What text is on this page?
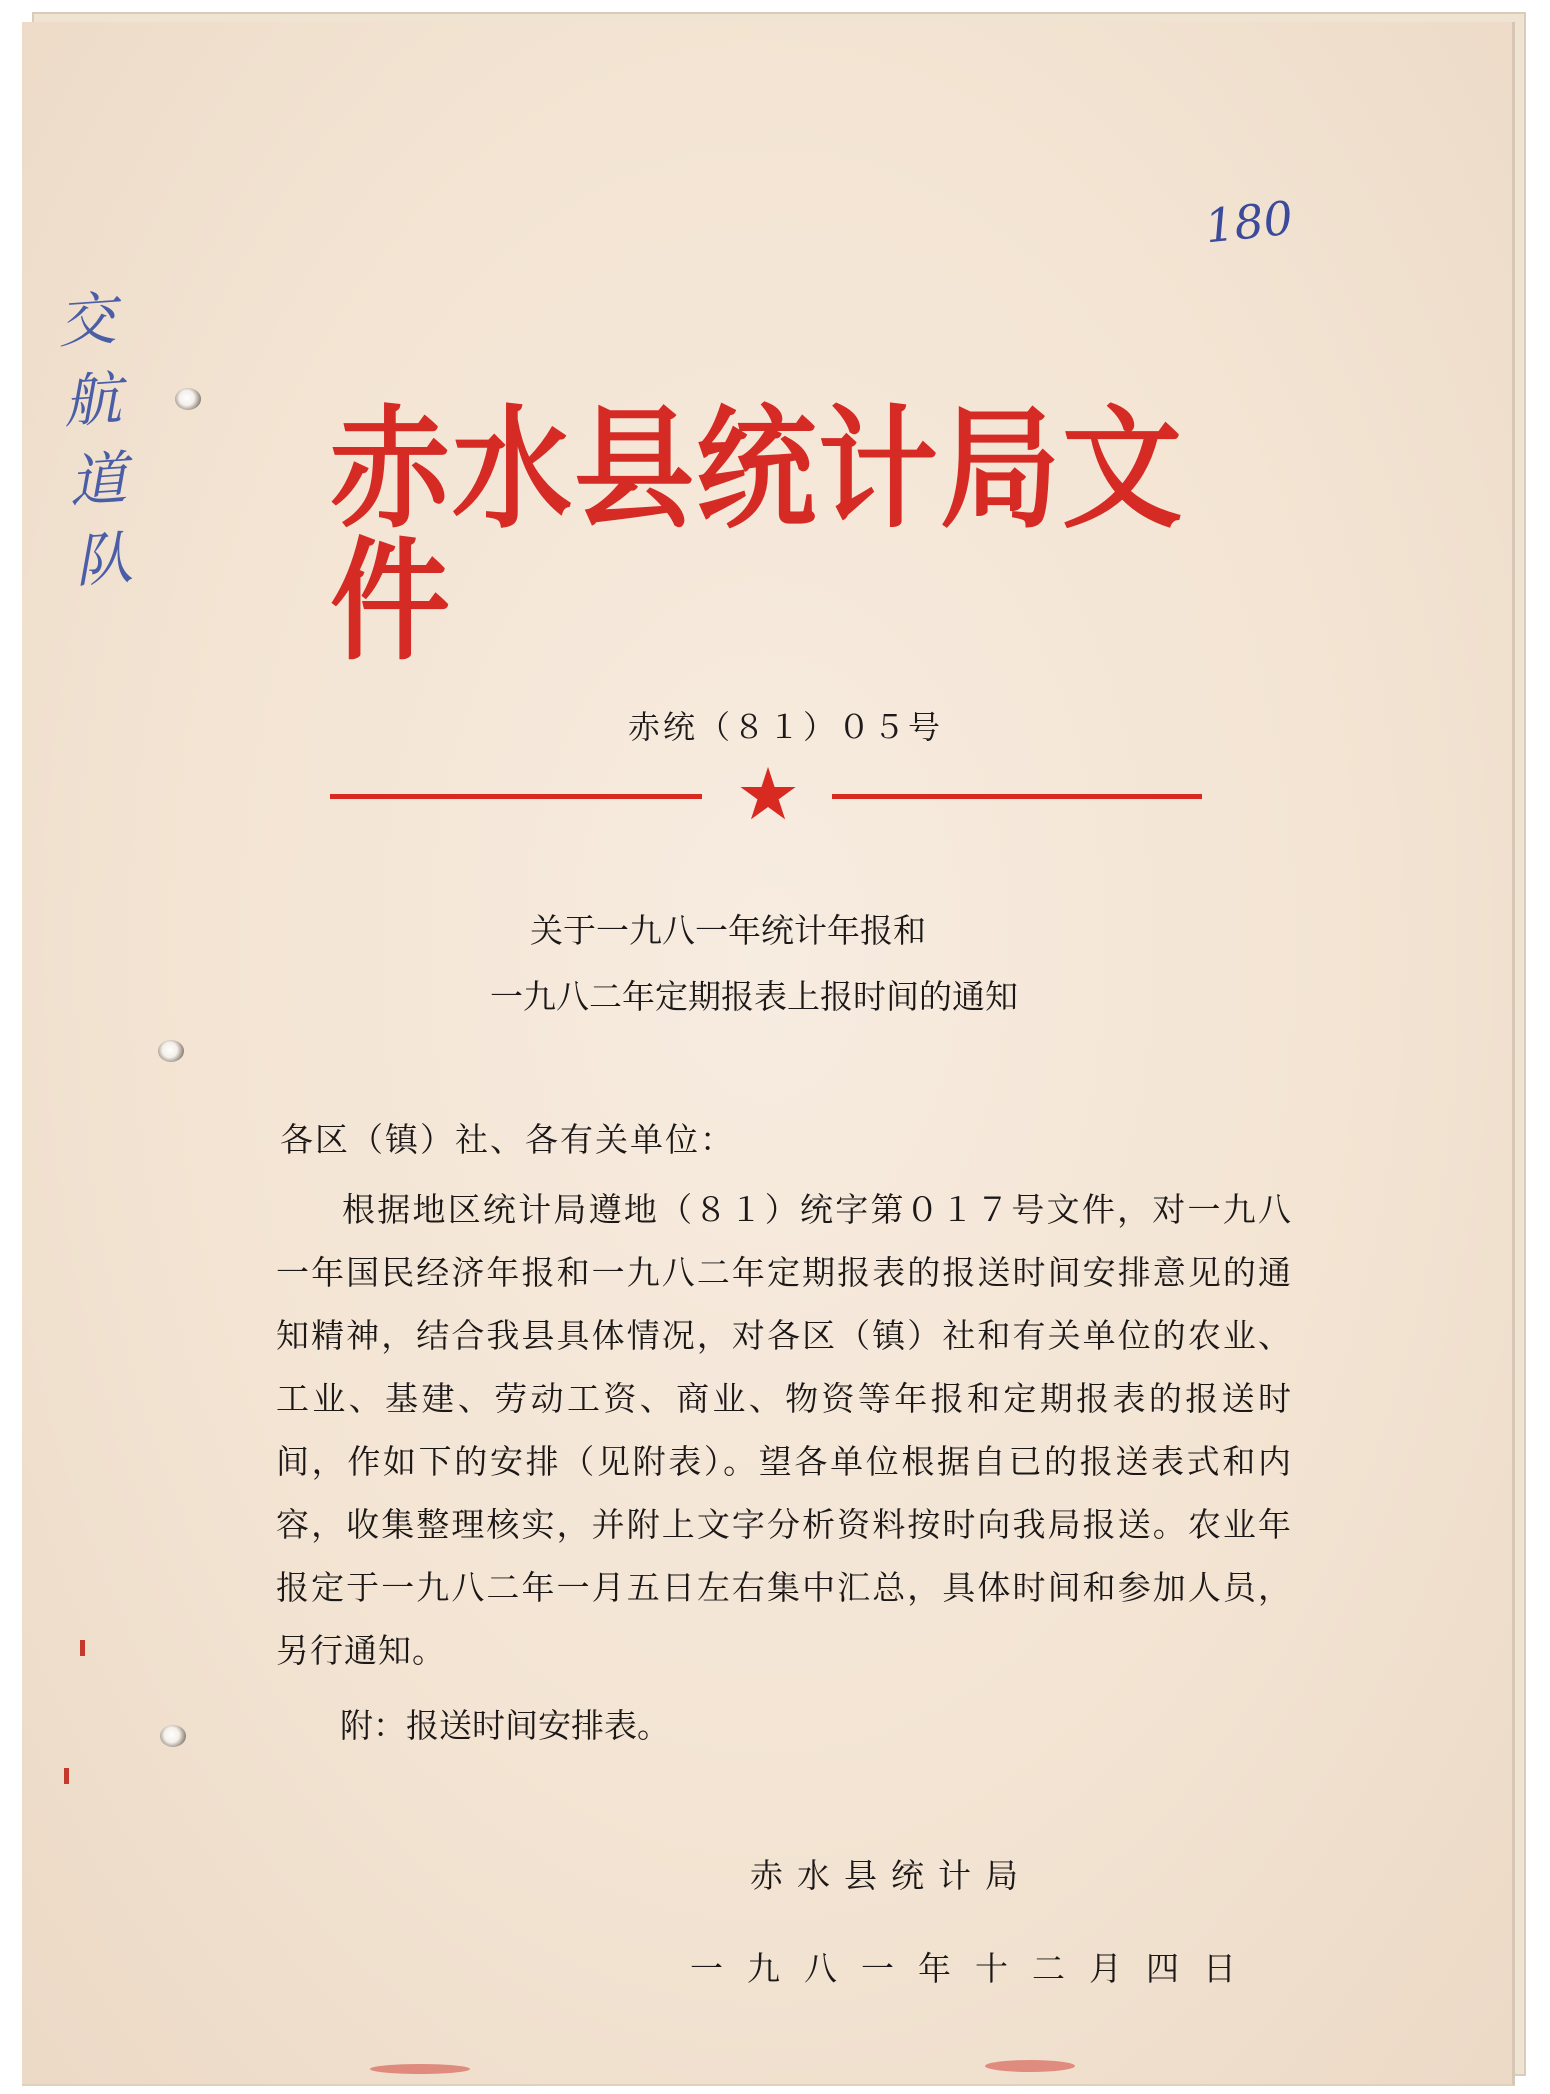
交航道队
180
赤水县统计局文件
赤统（８１）０５号
★
关于一九八一年统计年报和
一九八二年定期报表上报时间的通知
各区（镇）社、各有关单位：
根据地区统计局遵地（８１）统字第０１７号文件，对一九八一年国民经济年报和一九八二年定期报表的报送时间安排意见的通知精神，结合我县具体情况，对各区（镇）社和有关单位的农业、工业、基建、劳动工资、商业、物资等年报和定期报表的报送时间，作如下的安排（见附表）。望各单位根据自已的报送表式和内容，收集整理核实，并附上文字分析资料按时向我局报送。农业年报定于一九八二年一月五日左右集中汇总，具体时间和参加人员，另行通知。
附：报送时间安排表。
赤水县统计局
一九八一年十二月四日
